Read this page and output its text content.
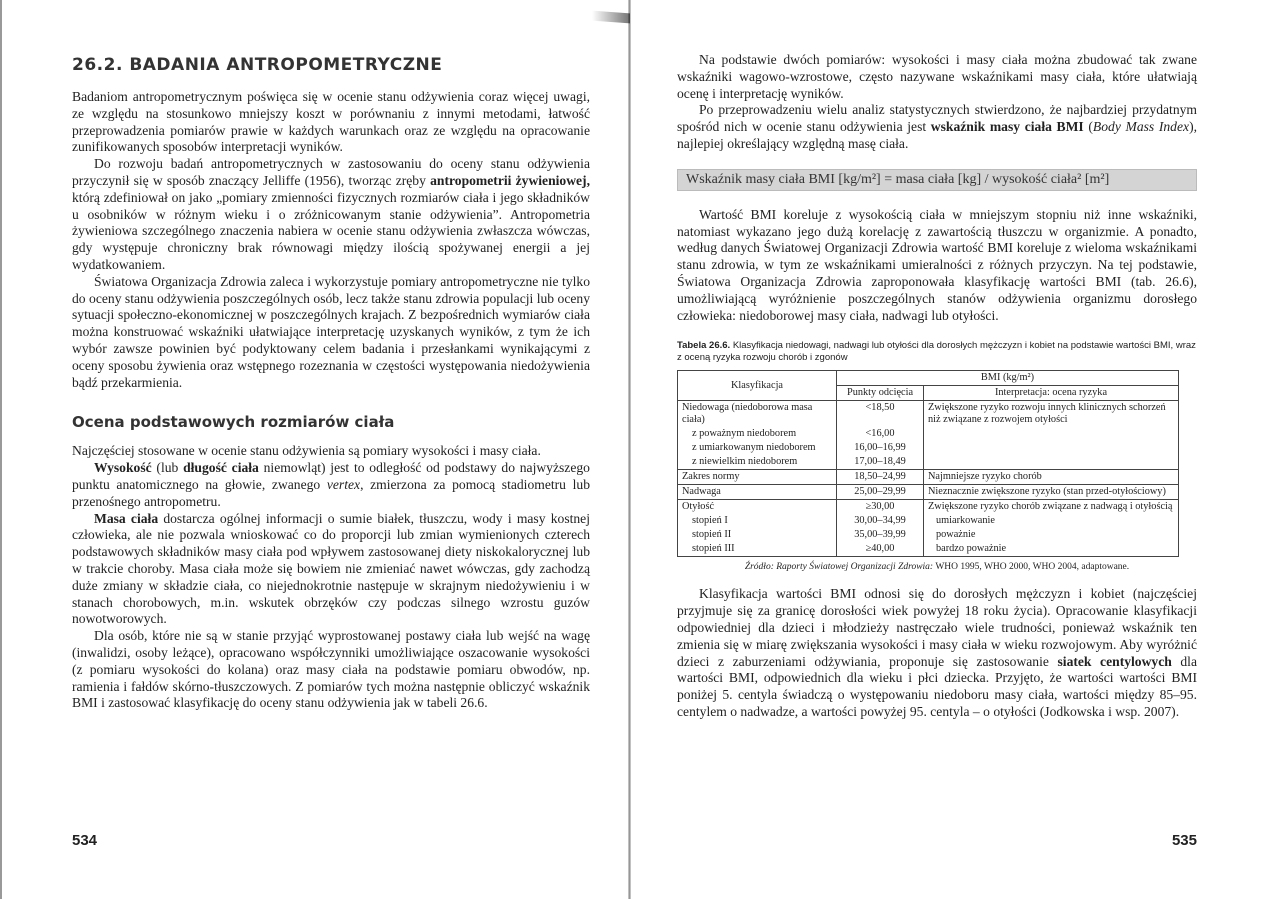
26.2. BADANIA ANTROPOMETRYCZNE

Badaniom antropometrycznym poświęca się w ocenie stanu odżywienia coraz więcej uwagi, ze względu na stosunkowo mniejszy koszt w porównaniu z innymi metodami, łatwość przeprowadzenia pomiarów prawie w każdych warunkach oraz ze względu na opracowanie zunifikowanych sposobów interpretacji wyników.

Do rozwoju badań antropometrycznych w zastosowaniu do oceny stanu odżywienia przyczynił się w sposób znaczący Jelliffe (1956), tworząc zręby antropometrii żywieniowej, którą zdefiniował on jako „pomiary zmienności fizycznych rozmiarów ciała i jego składników u osobników w różnym wieku i o zróżnicowanym stanie odżywienia”. Antropometria żywieniowa szczególnego znaczenia nabiera w ocenie stanu odżywienia zwłaszcza wówczas, gdy występuje chroniczny brak równowagi między ilością spożywanej energii a jej wydatkowaniem.

Światowa Organizacja Zdrowia zaleca i wykorzystuje pomiary antropometryczne nie tylko do oceny stanu odżywienia poszczególnych osób, lecz także stanu zdrowia populacji lub oceny sytuacji społeczno-ekonomicznej w poszczególnych krajach. Z bezpośrednich wymiarów ciała można konstruować wskaźniki ułatwiające interpretację uzyskanych wyników, z tym że ich wybór zawsze powinien być podyktowany celem badania i przesłankami wynikającymi z oceny sposobu żywienia oraz wstępnego rozeznania w częstości występowania niedożywienia bądź przekarmienia.

Ocena podstawowych rozmiarów ciała

Najczęściej stosowane w ocenie stanu odżywienia są pomiary wysokości i masy ciała.

Wysokość (lub długość ciała niemowląt) jest to odległość od podstawy do najwyższego punktu anatomicznego na głowie, zwanego vertex, zmierzona za pomocą stadiometru lub przenośnego antropometru.

Masa ciała dostarcza ogólnej informacji o sumie białek, tłuszczu, wody i masy kostnej człowieka, ale nie pozwala wnioskować co do proporcji lub zmian wymienionych czterech podstawowych składników masy ciała pod wpływem zastosowanej diety niskokalorycznej lub w trakcie choroby. Masa ciała może się bowiem nie zmieniać nawet wówczas, gdy zachodzą duże zmiany w składzie ciała, co niejednokrotnie następuje w skrajnym niedożywieniu i w stanach chorobowych, m.in. wskutek obrzęków czy podczas silnego wzrostu guzów nowotworowych.

Dla osób, które nie są w stanie przyjąć wyprostowanej postawy ciała lub wejść na wagę (inwalidzi, osoby leżące), opracowano współczynniki umożliwiające oszacowanie wysokości (z pomiaru wysokości do kolana) oraz masy ciała na podstawie pomiaru obwodów, np. ramienia i fałdów skórno-tłuszczowych. Z pomiarów tych można następnie obliczyć wskaźnik BMI i zastosować klasyfikację do oceny stanu odżywienia jak w tabeli 26.6.

534

Na podstawie dwóch pomiarów: wysokości i masy ciała można zbudować tak zwane wskaźniki wagowo-wzrostowe, często nazywane wskaźnikami masy ciała, które ułatwiają ocenę i interpretację wyników.

Po przeprowadzeniu wielu analiz statystycznych stwierdzono, że najbardziej przydatnym spośród nich w ocenie stanu odżywienia jest wskaźnik masy ciała BMI (Body Mass Index), najlepiej określający względną masę ciała.

Wskaźnik masy ciała BMI [kg/m²] = masa ciała [kg] / wysokość ciała² [m²]

Wartość BMI koreluje z wysokością ciała w mniejszym stopniu niż inne wskaźniki, natomiast wykazano jego dużą korelację z zawartością tłuszczu w organizmie. A ponadto, według danych Światowej Organizacji Zdrowia wartość BMI koreluje z wieloma wskaźnikami stanu zdrowia, w tym ze wskaźnikami umieralności z różnych przyczyn. Na tej podstawie, Światowa Organizacja Zdrowia zaproponowała klasyfikację wartości BMI (tab. 26.6), umożliwiającą wyróżnienie poszczególnych stanów odżywienia organizmu dorosłego człowieka: niedoborowej masy ciała, nadwagi lub otyłości.

Tabela 26.6. Klasyfikacja niedowagi, nadwagi lub otyłości dla dorosłych mężczyzn i kobiet na podstawie wartości BMI, wraz z oceną ryzyka rozwoju chorób i zgonów
Klasyfikacja	BMI (kg/m²)	
	Punkty odcięcia	Interpretacja: ocena ryzyka
Niedowaga (niedoborowa masa ciała)	<18,50	Zwiększone ryzyko rozwoju innych klinicznych schorzeń niż związane z rozwojem otyłości
z poważnym niedoborem	<16,00	
z umiarkowanym niedoborem	16,00–16,99	
z niewielkim niedoborem	17,00–18,49	
Zakres normy	18,50–24,99	Najmniejsze ryzyko chorób
Nadwaga	25,00–29,99	Nieznacznie zwiększone ryzyko (stan przed-otyłościowy)
Otyłość	≥30,00	Zwiększone ryzyko chorób związane z nadwagą i otyłością
stopień I	30,00–34,99	umiarkowanie
stopień II	35,00–39,99	poważnie
stopień III	≥40,00	bardzo poważnie
Źródło: Raporty Światowej Organizacji Zdrowia: WHO 1995, WHO 2000, WHO 2004, adaptowane.

Klasyfikacja wartości BMI odnosi się do dorosłych mężczyzn i kobiet (najczęściej przyjmuje się za granicę dorosłości wiek powyżej 18 roku życia). Opracowanie klasyfikacji odpowiedniej dla dzieci i młodzieży nastręczało wiele trudności, ponieważ wskaźnik ten zmienia się w miarę zwiększania wysokości i masy ciała w wieku rozwojowym. Aby wyróżnić dzieci z zaburzeniami odżywiania, proponuje się zastosowanie siatek centylowych dla wartości BMI, odpowiednich dla wieku i płci dziecka. Przyjęto, że wartości wartości BMI poniżej 5. centyla świadczą o występowaniu niedoboru masy ciała, wartości między 85–95. centylem o nadwadze, a wartości powyżej 95. centyla – o otyłości (Jodkowska i wsp. 2007).

535
